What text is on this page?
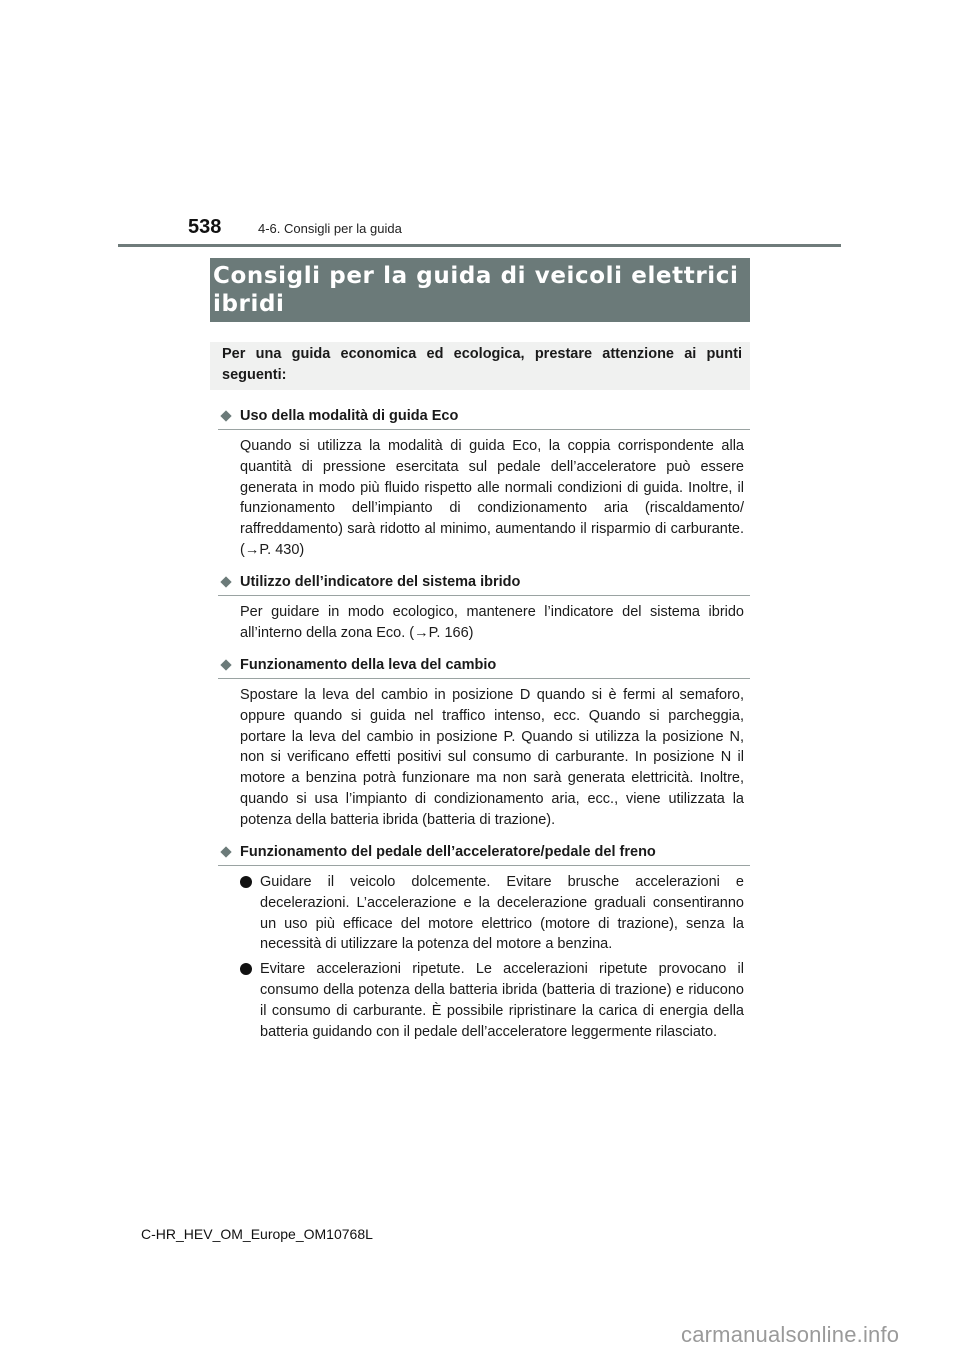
538	4-6. Consigli per la guida
Consigli per la guida di veicoli elettrici ibridi
Per una guida economica ed ecologica, prestare attenzione ai punti seguenti:
Uso della modalità di guida Eco
Quando si utilizza la modalità di guida Eco, la coppia corrispondente alla quantità di pressione esercitata sul pedale dell’acceleratore può essere generata in modo più fluido rispetto alle normali condizioni di guida. Inoltre, il funzionamento dell’impianto di condizionamento aria (riscaldamento/ raffreddamento) sarà ridotto al minimo, aumentando il risparmio di carburante. (→P. 430)
Utilizzo dell’indicatore del sistema ibrido
Per guidare in modo ecologico, mantenere l’indicatore del sistema ibrido all’interno della zona Eco. (→P. 166)
Funzionamento della leva del cambio
Spostare la leva del cambio in posizione D quando si è fermi al semaforo, oppure quando si guida nel traffico intenso, ecc. Quando si parcheggia, portare la leva del cambio in posizione P. Quando si utilizza la posizione N, non si verificano effetti positivi sul consumo di carburante. In posizione N il motore a benzina potrà funzionare ma non sarà generata elettricità. Inoltre, quando si usa l’impianto di condizionamento aria, ecc., viene utilizzata la potenza della batteria ibrida (batteria di trazione).
Funzionamento del pedale dell’acceleratore/pedale del freno
Guidare il veicolo dolcemente. Evitare brusche accelerazioni e decelerazioni. L’accelerazione e la decelerazione graduali consentiranno un uso più efficace del motore elettrico (motore di trazione), senza la necessità di utilizzare la potenza del motore a benzina.
Evitare accelerazioni ripetute. Le accelerazioni ripetute provocano il consumo della potenza della batteria ibrida (batteria di trazione) e riducono il consumo di carburante. È possibile ripristinare la carica di energia della batteria guidando con il pedale dell’acceleratore leggermente rilasciato.
C-HR_HEV_OM_Europe_OM10768L
carmanualsonline.info
